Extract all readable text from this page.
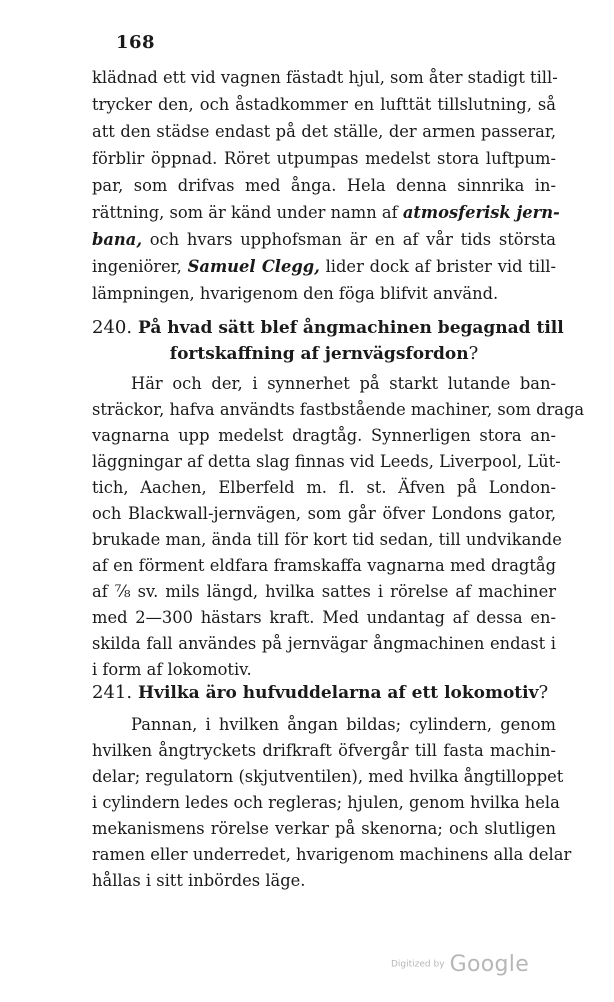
168
klädnad ett vid vagnen fästadt hjul, som åter stadigt till-
trycker den, och åstadkommer en lufttät tillslutning, så
att den städse endast på det ställe, der armen passerar,
förblir öppnad. Röret utpumpas medelst stora luftpum-
par, som drifvas med ånga. Hela denna sinnrika in-
rättning, som är känd under namn af atmosferisk jern-
bana, och hvars upphofsman är en af vår tids största
ingeniörer, Samuel Clegg, lider dock af brister vid till-
lämpningen, hvarigenom den föga blifvit använd.
240. På hvad sätt blef ångmachinen begagnad till
fortskaffning af jernvägsfordon?
Här och der, i synnerhet på starkt lutande ban-
sträckor, hafva användts fastbstående machiner, som draga
vagnarna upp medelst dragtåg. Synnerligen stora an-
läggningar af detta slag finnas vid Leeds, Liverpool, Lüt-
tich, Aachen, Elberfeld m. fl. st. Äfven på London-
och Blackwall-jernvägen, som går öfver Londons gator,
brukade man, ända till för kort tid sedan, till undvikande
af en förment eldfara framskaffa vagnarna med dragtåg
af ⅞ sv. mils längd, hvilka sattes i rörelse af machiner
med 2—300 hästars kraft. Med undantag af dessa en-
skilda fall användes på jernvägar ångmachinen endast i
i form af lokomotiv.
241. Hvilka äro hufvuddelarna af ett lokomotiv?
Pannan, i hvilken ångan bildas; cylindern, genom
hvilken ångtryckets drifkraft öfvergår till fasta machin-
delar; regulatorn (skjutventilen), med hvilka ångtilloppet
i cylindern ledes och regleras; hjulen, genom hvilka hela
mekanismens rörelse verkar på skenorna; och slutligen
ramen eller underredet, hvarigenom machinens alla delar
hållas i sitt inbördes läge.
Digitized by Google
